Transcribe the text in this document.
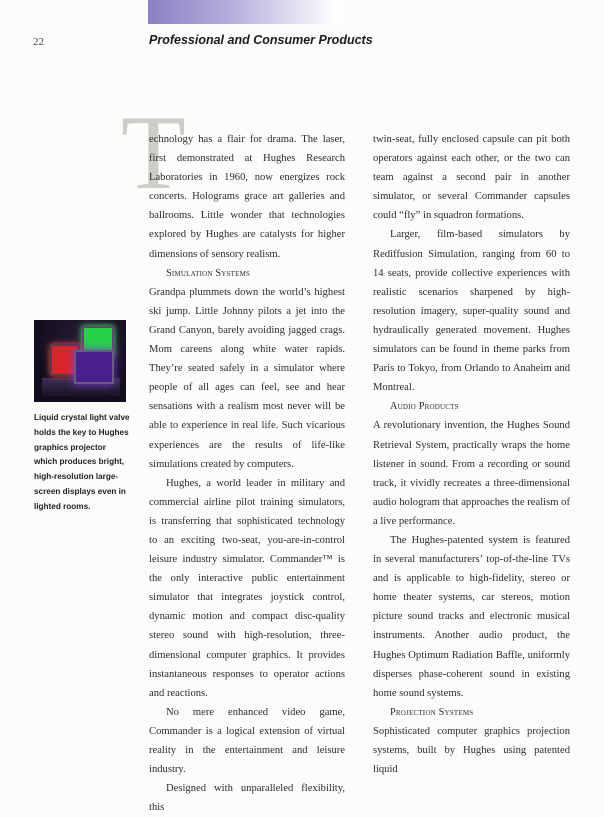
22	Professional and Consumer Products
T

echnology has a flair for drama. The laser, first demonstrated at Hughes Research Laboratories in 1960, now energizes rock concerts. Holograms grace art galleries and ballrooms. Little wonder that technologies explored by Hughes are catalysts for higher dimensions of sensory realism.

Simulation Systems

Grandpa plummets down the world’s highest ski jump. Little Johnny pilots a jet into the Grand Canyon, barely avoiding jagged crags. Mom careens along white water rapids. They’re seated safely in a simulator where people of all ages can feel, see and hear sensations with a realism most never will be able to experience in real life. Such vicarious experiences are the results of life-like simulations created by computers.

Hughes, a world leader in military and commercial airline pilot training simulators, is transferring that sophisticated technology to an exciting two-seat, you-are-in-control leisure industry simulator. Commander™ is the only interactive public entertainment simulator that integrates joystick control, dynamic motion and compact disc-quality stereo sound with high-resolution, three-dimensional computer graphics. It provides instantaneous responses to operator actions and reactions.

No mere enhanced video game, Commander is a logical extension of virtual reality in the entertainment and leisure industry.

Designed with unparalleled flexibility, this

twin-seat, fully enclosed capsule can pit both operators against each other, or the two can team against a second pair in another simulator, or several Commander capsules could “fly” in squadron formations.

Larger, film-based simulators by Rediffusion Simulation, ranging from 60 to 14 seats, provide collective experiences with realistic scenarios sharpened by high-resolution imagery, super-quality sound and hydraulically generated movement. Hughes simulators can be found in theme parks from Paris to Tokyo, from Orlando to Anaheim and Montreal.

Audio Products

A revolutionary invention, the Hughes Sound Retrieval System, practically wraps the home listener in sound. From a recording or sound track, it vividly recreates a three-dimensional audio hologram that approaches the realism of a live performance.

The Hughes-patented system is featured in several manufacturers’ top-of-the-line TVs and is applicable to high-fidelity, stereo or home theater systems, car stereos, motion picture sound tracks and electronic musical instruments. Another audio product, the Hughes Optimum Radiation Baffle, uniformly disperses phase-coherent sound in existing home sound systems.

Projection Systems

Sophisticated computer graphics projection systems, built by Hughes using patented liquid

Liquid crystal light valve holds the key to Hughes graphics projector which produces bright, high-resolution large-screen displays even in lighted rooms.
